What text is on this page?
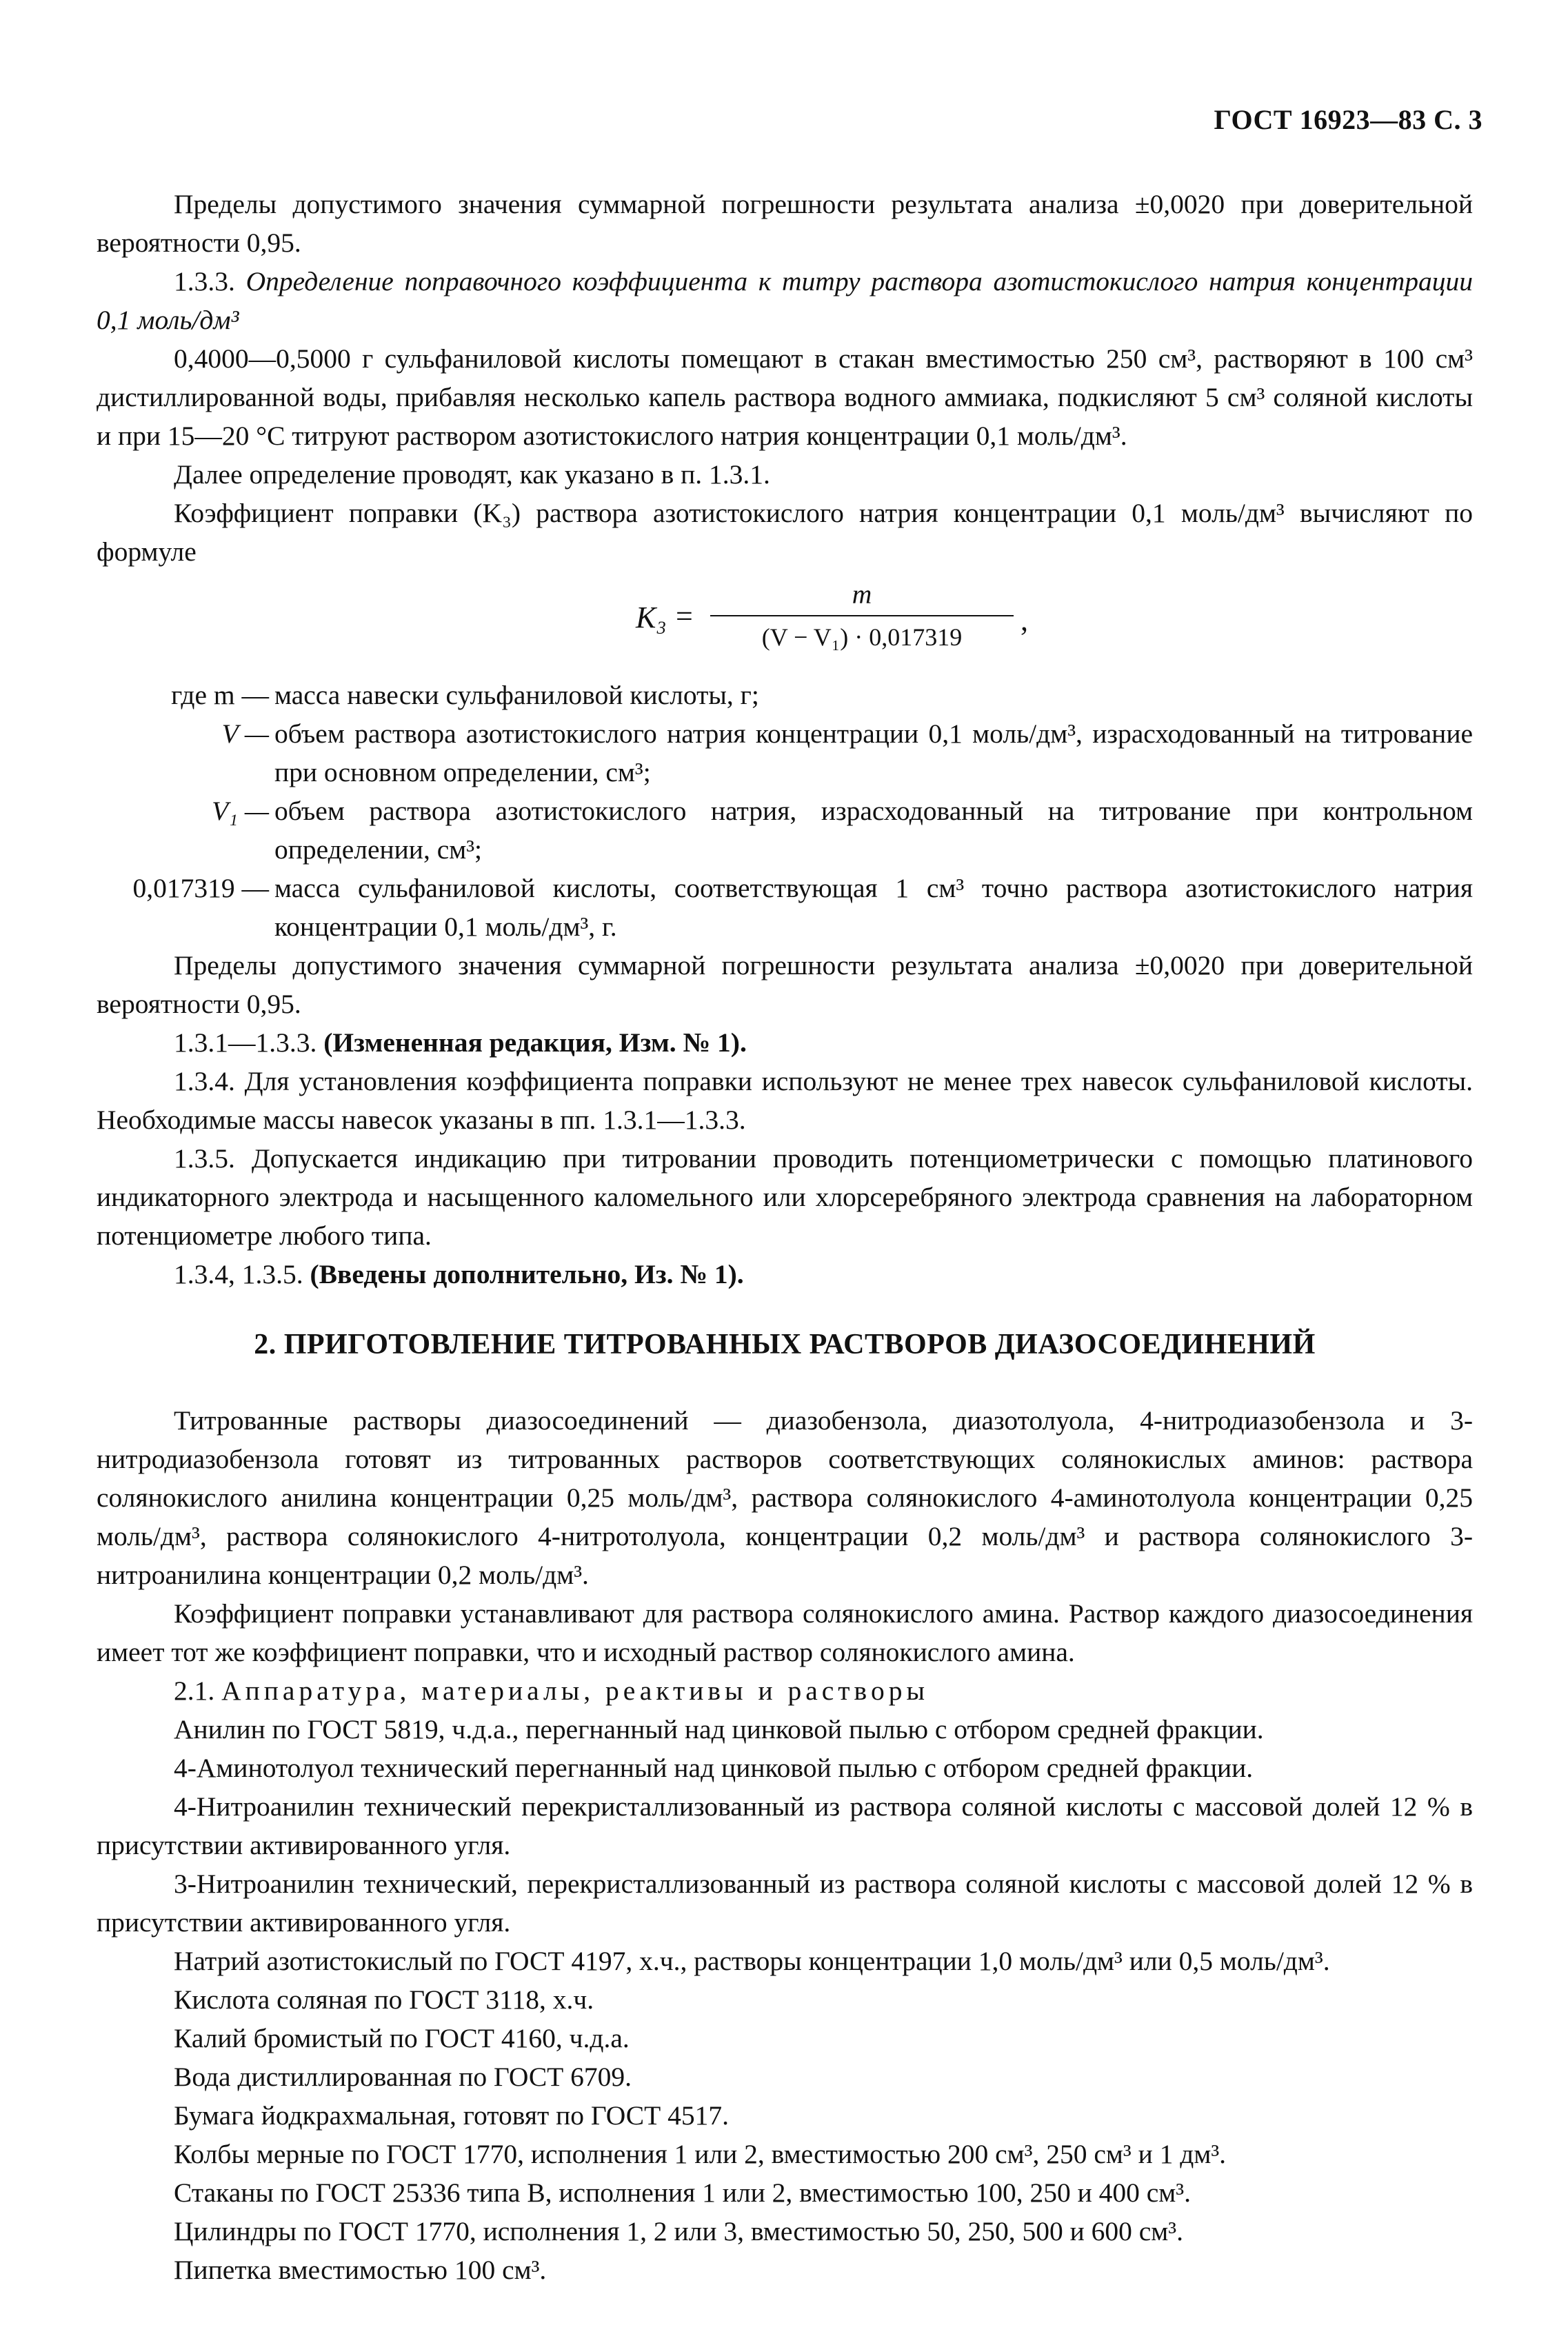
ГОСТ 16923—83 С. 3

Пределы допустимого значения суммарной погрешности результата анализа ±0,0020 при доверительной вероятности 0,95.

1.3.3. Определение поправочного коэффициента к титру раствора азотистокислого натрия концентрации 0,1 моль/дм³

0,4000—0,5000 г сульфаниловой кислоты помещают в стакан вместимостью 250 см³, растворяют в 100 см³ дистиллированной воды, прибавляя несколько капель раствора водного аммиака, подкисляют 5 см³ соляной кислоты и при 15—20 °С титруют раствором азотистокислого натрия концентрации 0,1 моль/дм³.

Далее определение проводят, как указано в п. 1.3.1.

Коэффициент поправки (K₃) раствора азотистокислого натрия концентрации 0,1 моль/дм³ вычисляют по формуле

K₃ =
m
(V − V₁) · 0,017319	,
где m — масса навески сульфаниловой кислоты, г;
V — объем раствора азотистокислого натрия концентрации 0,1 моль/дм³, израсходованный на титрование при основном определении, см³;
V₁ — объем раствора азотистокислого натрия, израсходованный на титрование при контрольном определении, см³;
0,017319 — масса сульфаниловой кислоты, соответствующая 1 см³ точно раствора азотистокислого натрия концентрации 0,1 моль/дм³, г.

Пределы допустимого значения суммарной погрешности результата анализа ±0,0020 при доверительной вероятности 0,95.

1.3.1—1.3.3. (Измененная редакция, Изм. № 1).

1.3.4. Для установления коэффициента поправки используют не менее трех навесок сульфаниловой кислоты. Необходимые массы навесок указаны в пп. 1.3.1—1.3.3.

1.3.5. Допускается индикацию при титровании проводить потенциометрически с помощью платинового индикаторного электрода и насыщенного каломельного или хлорсеребряного электрода сравнения на лабораторном потенциометре любого типа.

1.3.4, 1.3.5. (Введены дополнительно, Из. № 1).

2. ПРИГОТОВЛЕНИЕ ТИТРОВАННЫХ РАСТВОРОВ ДИАЗОСОЕДИНЕНИЙ

Титрованные растворы диазосоединений — диазобензола, диазотолуола, 4-нитродиазобензола и 3-нитродиазобензола готовят из титрованных растворов соответствующих солянокислых аминов: раствора солянокислого анилина концентрации 0,25 моль/дм³, раствора солянокислого 4-аминотолуола концентрации 0,25 моль/дм³, раствора солянокислого 4-нитротолуола, концентрации 0,2 моль/дм³ и раствора солянокислого 3-нитроанилина концентрации 0,2 моль/дм³.

Коэффициент поправки устанавливают для раствора солянокислого амина. Раствор каждого диазосоединения имеет тот же коэффициент поправки, что и исходный раствор солянокислого амина.

2.1. Аппаратура, материалы, реактивы и растворы

Анилин по ГОСТ 5819, ч.д.а., перегнанный над цинковой пылью с отбором средней фракции.

4-Аминотолуол технический перегнанный над цинковой пылью с отбором средней фракции.

4-Нитроанилин технический перекристаллизованный из раствора соляной кислоты с массовой долей 12 % в присутствии активированного угля.

3-Нитроанилин технический, перекристаллизованный из раствора соляной кислоты с массовой долей 12 % в присутствии активированного угля.

Натрий азотистокислый по ГОСТ 4197, х.ч., растворы концентрации 1,0 моль/дм³ или 0,5 моль/дм³.

Кислота соляная по ГОСТ 3118, х.ч.

Калий бромистый по ГОСТ 4160, ч.д.а.

Вода дистиллированная по ГОСТ 6709.

Бумага йодкрахмальная, готовят по ГОСТ 4517.

Колбы мерные по ГОСТ 1770, исполнения 1 или 2, вместимостью 200 см³, 250 см³ и 1 дм³.

Стаканы по ГОСТ 25336 типа В, исполнения 1 или 2, вместимостью 100, 250 и 400 см³.

Цилиндры по ГОСТ 1770, исполнения 1, 2 или 3, вместимостью 50, 250, 500 и 600 см³.

Пипетка вместимостью 100 см³.
